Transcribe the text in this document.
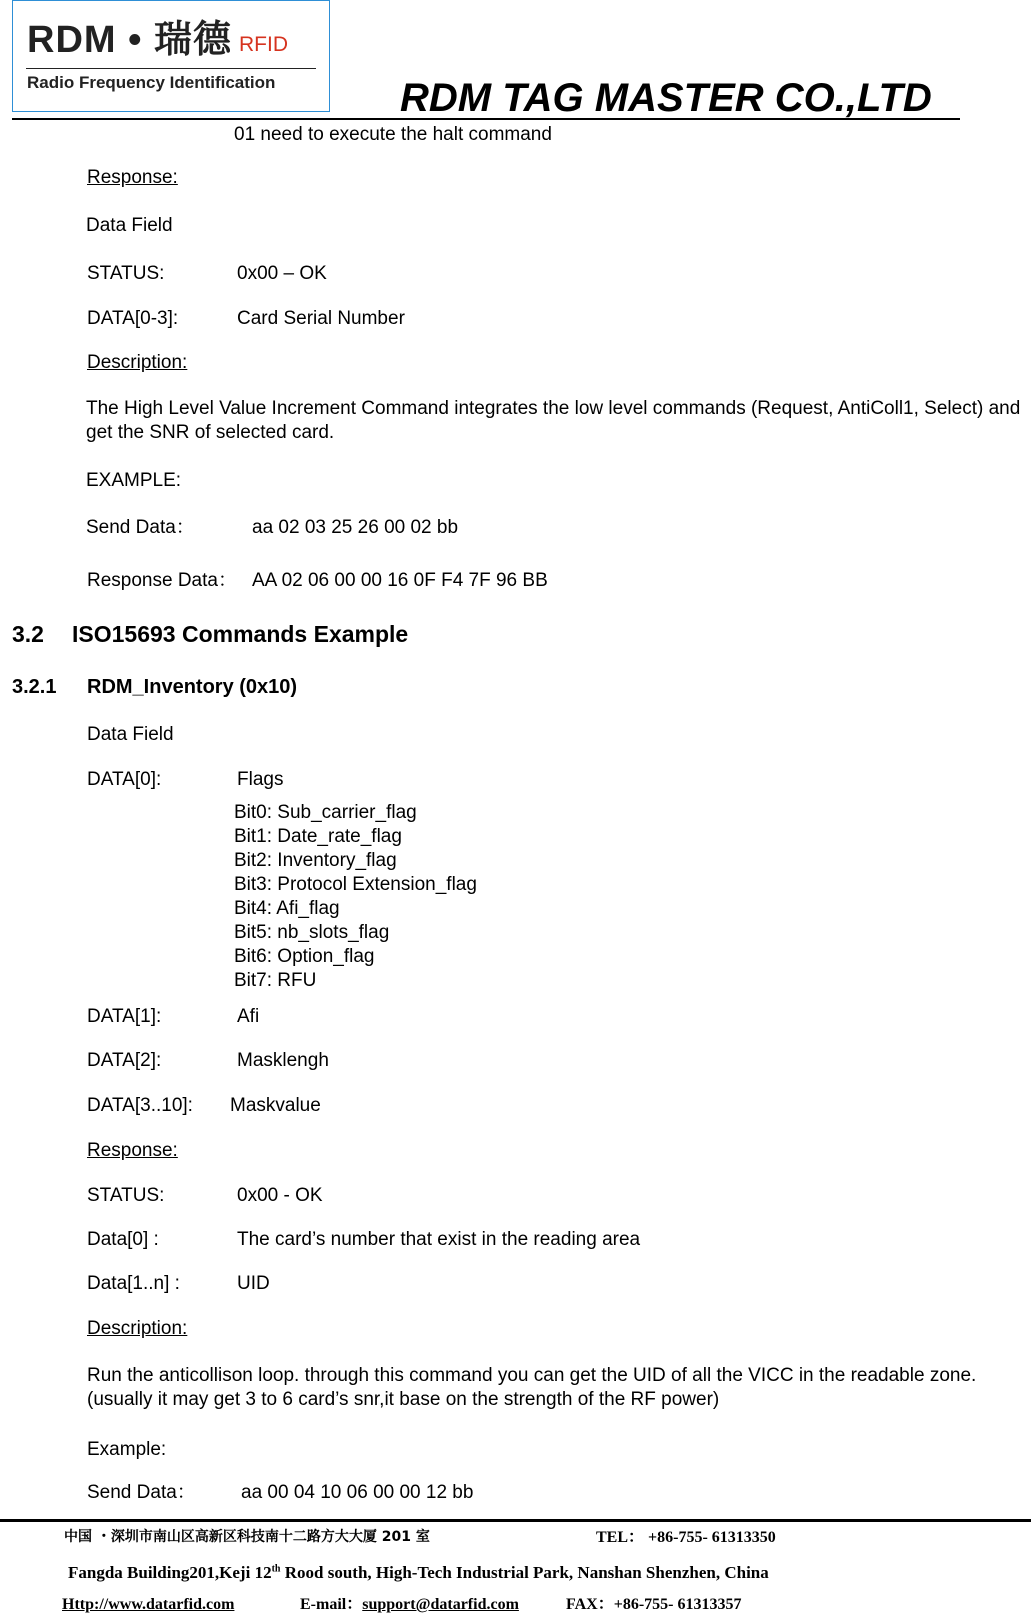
RDM • 瑞德 RFID
Radio Frequency Identification	RDM TAG MASTER CO.,LTD
01 need to execute the halt command
Response:
Data Field
STATUS:	0x00 – OK
DATA[0-3]:	Card Serial Number
Description:
The High Level Value Increment Command integrates the low level commands (Request, AntiColl1, Select) and get the SNR of selected card.
EXAMPLE:
Send Data：	aa 02 03 25 26 00 02 bb
Response Data： AA 02 06 00 00 16 0F F4 7F 96 BB
3.2 ISO15693 Commands Example
3.2.1 RDM_Inventory (0x10)
Data Field
DATA[0]:	Flags
Bit0: Sub_carrier_flag
Bit1: Date_rate_flag
Bit2: Inventory_flag
Bit3: Protocol Extension_flag
Bit4: Afi_flag
Bit5: nb_slots_flag
Bit6: Option_flag
Bit7: RFU
DATA[1]:	Afi
DATA[2]:	Masklengh
DATA[3..10]: Maskvalue
Response:
STATUS:	0x00 - OK
Data[0] :	The card’s number that exist in the reading area
Data[1..n] :	UID
Description:
Run the anticollison loop. through this command you can get the UID of all the VICC in the readable zone.(usually it may get 3 to 6 card’s snr,it base on the strength of the RF power)
Example:
Send Data： aa 00 04 10 06 00 00 12 bb
中国 ・深圳市南山区高新区科技南十二路方大大厦 201 室	TEL： +86-755- 61313350
Fangda Building201,Keji 12th Rood south, High-Tech Industrial Park, Nanshan Shenzhen, China
Http://www.datarfid.com	E-mail：support@datarfid.com	FAX：+86-755- 61313357
